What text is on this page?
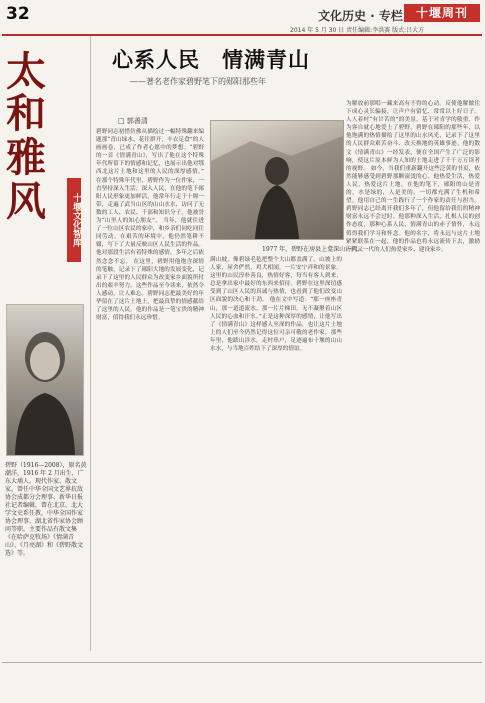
32	文化历史 · 专栏	十堰周刊
2014 年 5 月 30 日 责任编辑:李洪赛 版式:吕大方
太
和
雅
风	十堰文化智库
碧野（1916—2008），原名黄潮洋，1916 年 2 月出生，广东大埔人。现代作家、散文家。曾任中华全国文艺界抗敌协会成都分会理事、新华日报社记者编辑，曾在北京、北大学文史系任教，中华全国作家协会理事、湖北省作家协会顾问等职。主要作品有散文集《在哈萨克牧场》《情满青山》、《月亮湖》和《碧野散文选》等。
心系人民　情满青山
——著名老作家碧野笔下的郧阳那些年
□ 郭善清
1977 年，碧野在房县上龛深山访问。
碧野同志初惜仿佛从描绘过一幅特殊翻来编题那“青山绿水、花往群开，丰衣足食”的人画画卷，已成了作者心愿中的梦想。“碧野的一首《情满青山》，写出了他在这个特殊年代所留下的情感和记忆，也展示出他对鄂西北这片土地和这里的人民的深厚感情。” 在那个特殊年代里，碧野作为一位作家，一直坚持深入生活，深入人民，在他的笔下郧阳人民形象更加鲜活。他常年行走于十堰一带，走遍了武当山区的山山水水，访问了无数的工人、农民、干部和知识分子。他被誉为“山里人的知心朋友”。 当年，他就住进了一位山区农民的家中，和乡亲们同吃同住同劳动。在艰苦的环境中，他仍然笔耕不辍，写下了大量反映山区人民生活的作品。他对那段生活有着特殊的感情，多年之后依然念念不忘。 在这里，碧野用他饱含深情的笔触，记录下了郧阳大地的发展变化，记录下了这里的人民群众为改变家乡面貌所付出的艰辛努力。这些作品至今读来，依然令人感动，让人难忘。碧野同志把最美好的年华留在了这片土地上，把最真挚的情感献给了这里的人民。他的作品是一笔宝贵的精神财富，值得我们永远珍惜。
满山坡，像碧绿毛毡把整个大山都盖满了。山坡上的人家，屋舍俨然，鸡犬相闻，一片安宁祥和的景象。这里的山民淳朴善良，热情好客，每当有客人到来，总是拿出家中最好的东西来招待。碧野在这里深切感受到了山区人民的真诚与热情，也看到了他们改变山区面貌的决心和干劲。 他在文中写道：“那一座座青山，那一道道流水，那一片片梯田，无不凝聚着山区人民的心血和汗水。”正是这种深厚的感情，让他写出了《情满青山》这样感人至深的作品，也让这片土地上的人们至今仍然记得这位可亲可敬的老作家。那些年里，他跋山涉水，走村串户，足迹遍布十堰的山山水水，与当地百姓结下了深厚的情谊。
为解放前那唱一藏来高有不得的心动。反使他解做往下成心灵长骗接，让声户有留忆、常常以上好日子。人人着村“有甘苦的”的美景。基于对青学的敬重，作为客自就心地爱上了碧野。碧野在郧阳的那些年，以他饱满的热情描绘了这里的山水风光，记录下了这里的人民群众艰苦奋斗、改天换地的英雄事迹。他的散文《情满青山》一经发表，便在全国产生了广泛的影响，使这片原本鲜为人知的土地走进了千千万万读者的视野。 如今，当我们重新翻开这些泛黄的书页，依然能够感受到碧野那颗滚烫的心。他热爱生活，热爱人民，热爱这片土地。在他的笔下，郧阳的山是青的，水是绿的，人是美的，一切都充满了生机和希望。他用自己的一生践行了一个作家的责任与担当。 碧野同志已经离开我们多年了，但他留给我们的精神财富永远不会过时。他那种深入生活、扎根人民的创作态度，那种心系人民、情满青山的赤子情怀，永远值得我们学习和怀念。他的名字，将永远与这片土地紧紧联系在一起，他的作品也将永远流传下去，激励一代又一代的人们热爱家乡、建设家乡。
